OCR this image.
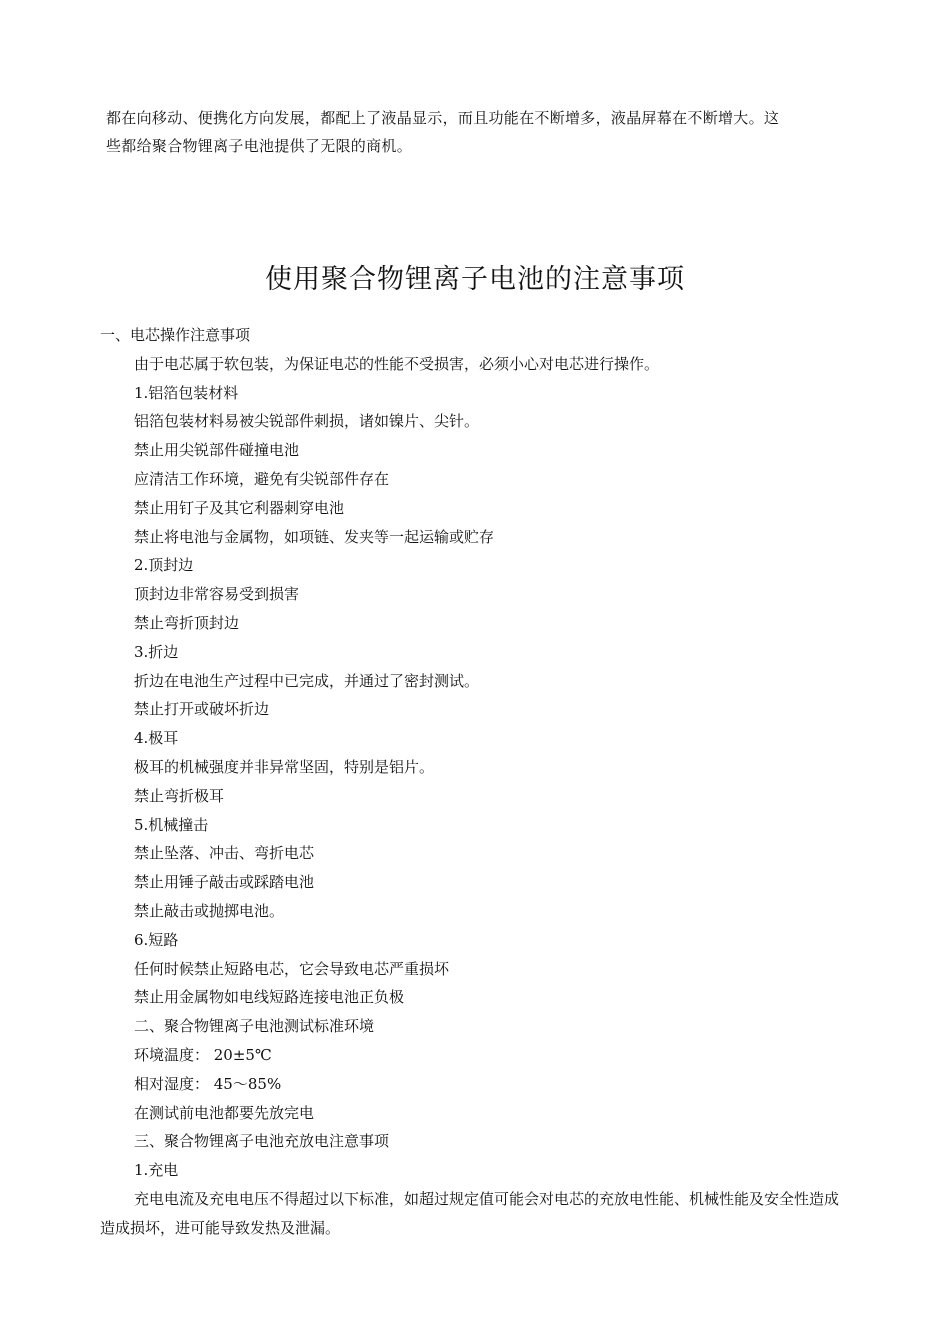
都在向移动、便携化方向发展，都配上了液晶显示，而且功能在不断增多，液晶屏幕在不断增大。这

些都给聚合物锂离子电池提供了无限的商机。

使用聚合物锂离子电池的注意事项
一、电芯操作注意事项
由于电芯属于软包装，为保证电芯的性能不受损害，必须小心对电芯进行操作。
1.铝箔包装材料
铝箔包装材料易被尖锐部件刺损，诸如镍片、尖针。
禁止用尖锐部件碰撞电池
应清洁工作环境，避免有尖锐部件存在
禁止用钉子及其它利器刺穿电池
禁止将电池与金属物，如项链、发夹等一起运输或贮存
2.顶封边
顶封边非常容易受到损害
禁止弯折顶封边
3.折边
折边在电池生产过程中已完成，并通过了密封测试。
禁止打开或破坏折边
4.极耳
极耳的机械强度并非异常坚固，特别是铝片。
禁止弯折极耳
5.机械撞击
禁止坠落、冲击、弯折电芯
禁止用锤子敲击或踩踏电池
禁止敲击或抛掷电池。
6.短路
任何时候禁止短路电芯，它会导致电芯严重损坏
禁止用金属物如电线短路连接电池正负极
二、聚合物锂离子电池测试标准环境
环境温度： 20±5℃
相对湿度： 45～85%
在测试前电池都要先放完电
三、聚合物锂离子电池充放电注意事项
1.充电
充电电流及充电电压不得超过以下标准，如超过规定值可能会对电芯的充放电性能、机械性能及安全性造成造成损坏，进可能导致发热及泄漏。
